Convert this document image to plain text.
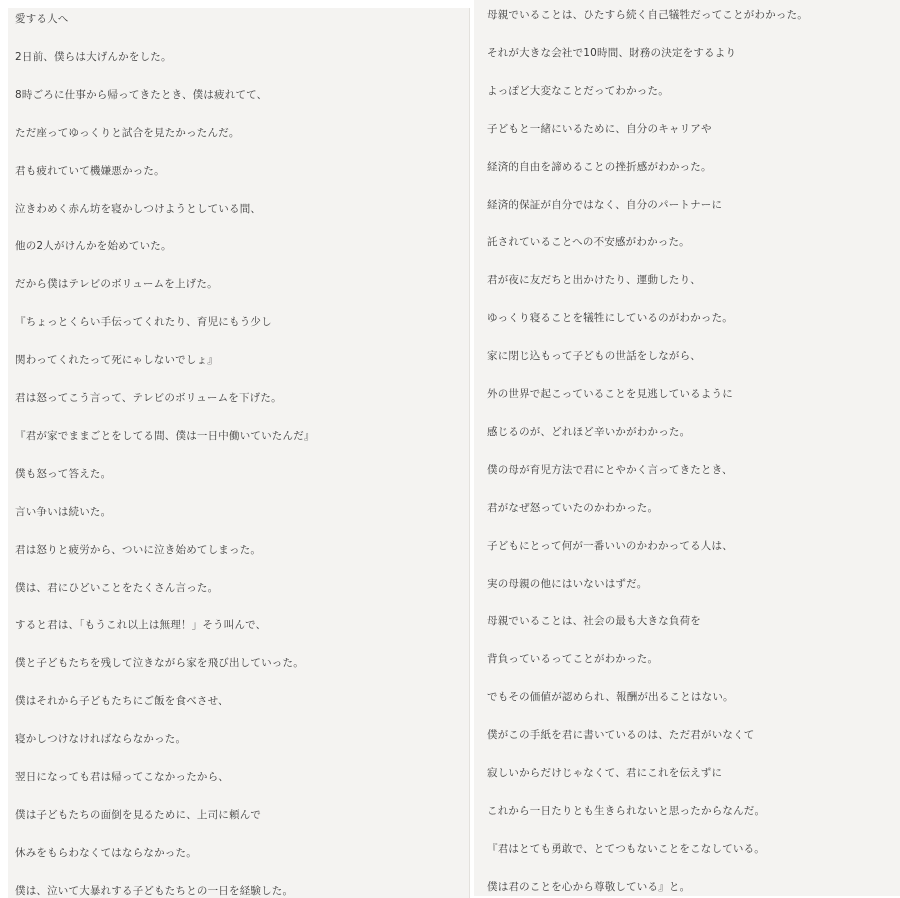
愛する人へ
2日前、僕らは大げんかをした。
8時ごろに仕事から帰ってきたとき、僕は疲れてて、
ただ座ってゆっくりと試合を見たかったんだ。
君も疲れていて機嫌悪かった。
泣きわめく赤ん坊を寝かしつけようとしている間、
他の2人がけんかを始めていた。
だから僕はテレビのボリュームを上げた。
『ちょっとくらい手伝ってくれたり、育児にもう少し
関わってくれたって死にゃしないでしょ』
君は怒ってこう言って、テレビのボリュームを下げた。
『君が家でままごとをしてる間、僕は一日中働いていたんだ』
僕も怒って答えた。
言い争いは続いた。
君は怒りと疲労から、ついに泣き始めてしまった。
僕は、君にひどいことをたくさん言った。
すると君は、「もうこれ以上は無理！」そう叫んで、
僕と子どもたちを残して泣きながら家を飛び出していった。
僕はそれから子どもたちにご飯を食べさせ、
寝かしつけなければならなかった。
翌日になっても君は帰ってこなかったから、
僕は子どもたちの面倒を見るために、上司に頼んで
休みをもらわなくてはならなかった。
僕は、泣いて大暴れする子どもたちとの一日を経験した。
母親でいることは、ひたすら続く自己犠牲だってことがわかった。
それが大きな会社で10時間、財務の決定をするより
よっぽど大変なことだってわかった。
子どもと一緒にいるために、自分のキャリアや
経済的自由を諦めることの挫折感がわかった。
経済的保証が自分ではなく、自分のパートナーに
託されていることへの不安感がわかった。
君が夜に友だちと出かけたり、運動したり、
ゆっくり寝ることを犠牲にしているのがわかった。
家に閉じ込もって子どもの世話をしながら、
外の世界で起こっていることを見逃しているように
感じるのが、どれほど辛いかがわかった。
僕の母が育児方法で君にとやかく言ってきたとき、
君がなぜ怒っていたのかわかった。
子どもにとって何が一番いいのかわかってる人は、
実の母親の他にはいないはずだ。
母親でいることは、社会の最も大きな負荷を
背負っているってことがわかった。
でもその価値が認められ、報酬が出ることはない。
僕がこの手紙を君に書いているのは、ただ君がいなくて
寂しいからだけじゃなくて、君にこれを伝えずに
これから一日たりとも生きられないと思ったからなんだ。
『君はとても勇敢で、とてつもないことをこなしている。
僕は君のことを心から尊敬している』と。
